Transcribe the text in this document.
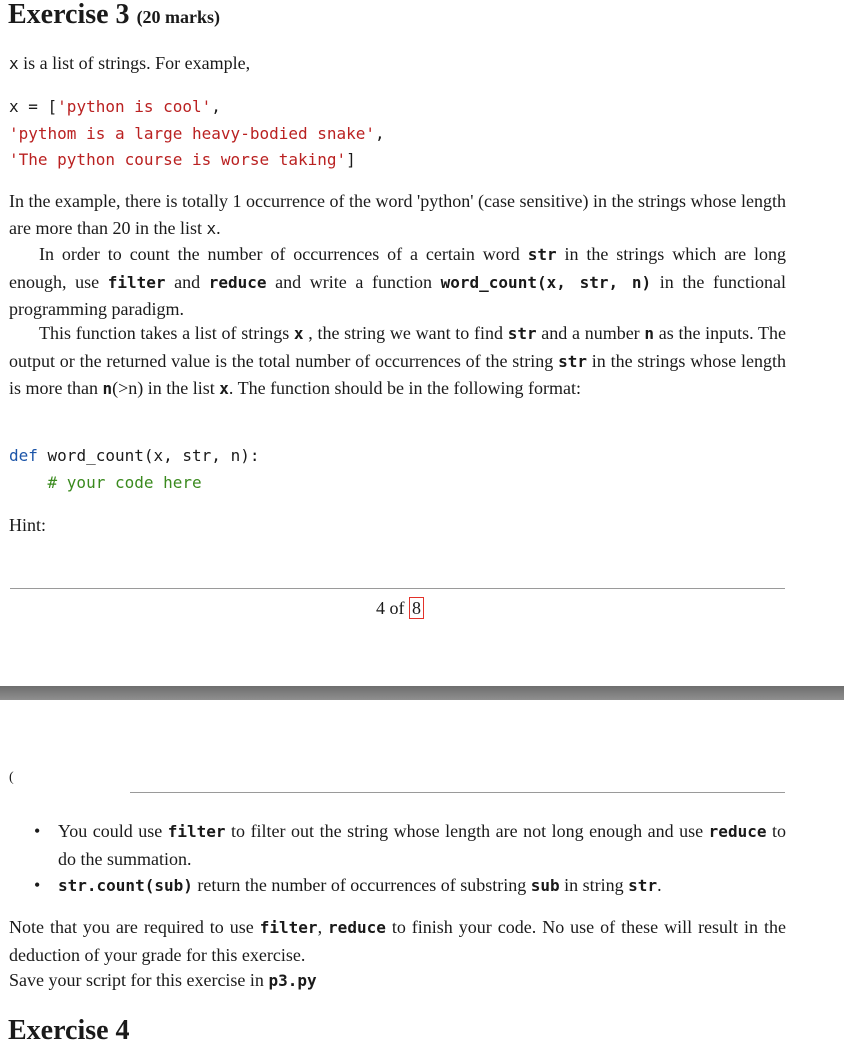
Exercise 3 (20 marks)

x is a list of strings. For example,

x = ['python is cool',
'pythom is a large heavy-bodied snake',
'The python course is worse taking']

In the example, there is totally 1 occurrence of the word 'python' (case sensitive) in the strings whose length are more than 20 in the list x.

In order to count the number of occurrences of a certain word str in the strings which are long enough, use filter and reduce and write a function word_count(x, str, n) in the functional programming paradigm.

This function takes a list of strings x , the string we want to find str and a number n as the inputs. The output or the returned value is the total number of occurrences of the string str in the strings whose length is more than n(>n) in the list x. The function should be in the following format:

def word_count(x, str, n):
# your code here

Hint:

4 of 8
(
• You could use filter to filter out the string whose length are not long enough and use reduce to do the summation.
• str.count(sub) return the number of occurrences of substring sub in string str.

Note that you are required to use filter, reduce to finish your code. No use of these will result in the deduction of your grade for this exercise.

Save your script for this exercise in p3.py

Exercise 4
